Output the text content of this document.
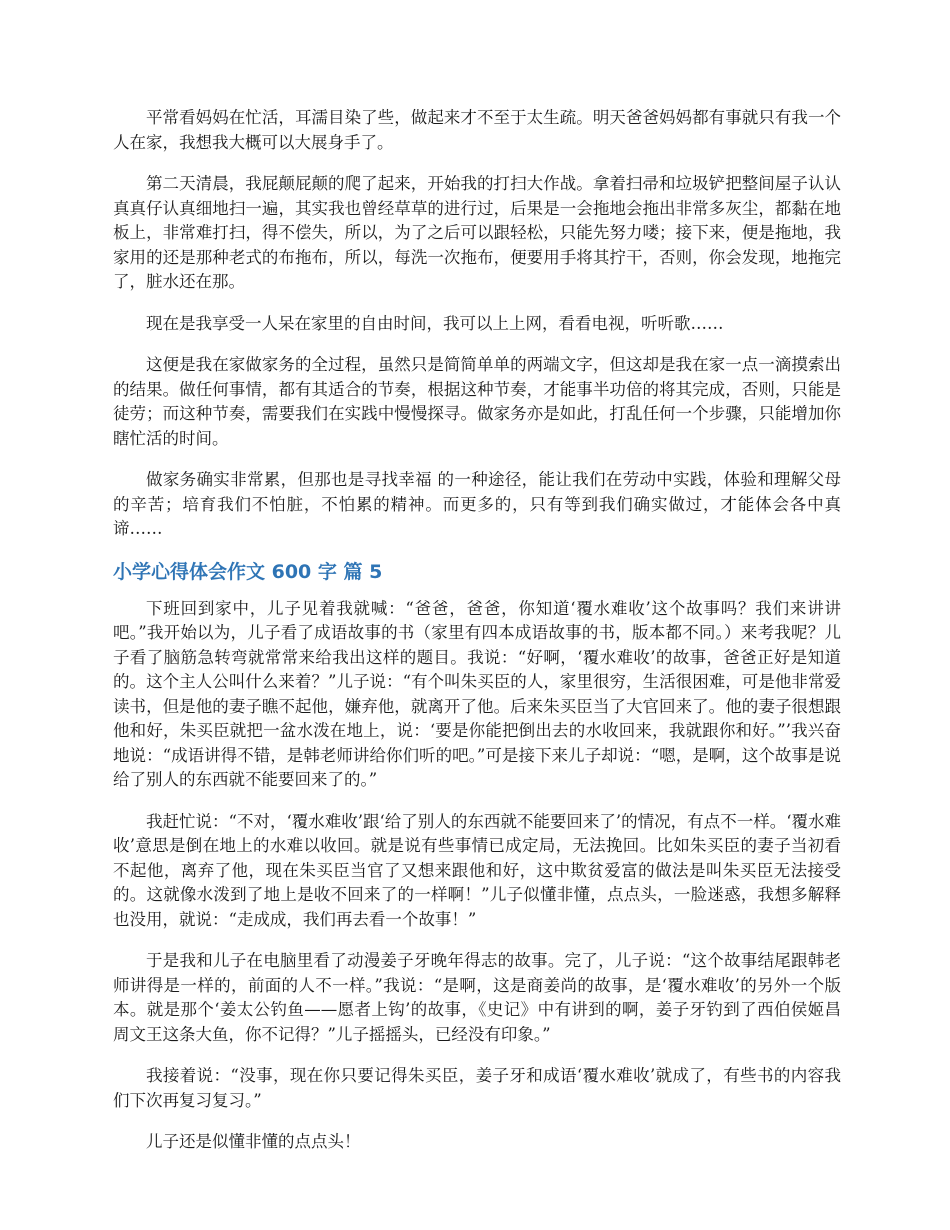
平常看妈妈在忙活，耳濡目染了些，做起来才不至于太生疏。明天爸爸妈妈都有事就只有我一个人在家，我想我大概可以大展身手了。

第二天清晨，我屁颠屁颠的爬了起来，开始我的打扫大作战。拿着扫帚和垃圾铲把整间屋子认认真真仔认真细地扫一遍，其实我也曾经草草的进行过，后果是一会拖地会拖出非常多灰尘，都黏在地板上，非常难打扫，得不偿失，所以，为了之后可以跟轻松，只能先努力喽；接下来，便是拖地，我家用的还是那种老式的布拖布，所以，每洗一次拖布，便要用手将其拧干，否则，你会发现，地拖完了，脏水还在那。

现在是我享受一人呆在家里的自由时间，我可以上上网，看看电视，听听歌……

这便是我在家做家务的全过程，虽然只是简简单单的两端文字，但这却是我在家一点一滴摸索出的结果。做任何事情，都有其适合的节奏，根据这种节奏，才能事半功倍的将其完成，否则，只能是徒劳；而这种节奏，需要我们在实践中慢慢探寻。做家务亦是如此，打乱任何一个步骤，只能增加你瞎忙活的时间。

做家务确实非常累，但那也是寻找幸福 的一种途径，能让我们在劳动中实践，体验和理解父母的辛苦；培育我们不怕脏，不怕累的精神。而更多的，只有等到我们确实做过，才能体会各中真谛……

小学心得体会作文 600 字 篇 5

下班回到家中，儿子见着我就喊：“爸爸，爸爸，你知道‘覆水难收’这个故事吗？我们来讲讲吧。”我开始以为，儿子看了成语故事的书（家里有四本成语故事的书，版本都不同。）来考我呢？儿子看了脑筋急转弯就常常来给我出这样的题目。我说：“好啊，‘覆水难收’的故事，爸爸正好是知道的。这个主人公叫什么来着？”儿子说：“有个叫朱买臣的人，家里很穷，生活很困难，可是他非常爱读书，但是他的妻子瞧不起他，嫌弃他，就离开了他。后来朱买臣当了大官回来了。他的妻子很想跟他和好，朱买臣就把一盆水泼在地上，说：‘要是你能把倒出去的水收回来，我就跟你和好。”’我兴奋地说：“成语讲得不错，是韩老师讲给你们听的吧。”可是接下来儿子却说：“嗯，是啊，这个故事是说给了别人的东西就不能要回来了的。”

我赶忙说：“不对，‘覆水难收’跟‘给了别人的东西就不能要回来了’的情况，有点不一样。‘覆水难收’意思是倒在地上的水难以收回。就是说有些事情已成定局，无法挽回。比如朱买臣的妻子当初看不起他，离弃了他，现在朱买臣当官了又想来跟他和好，这中欺贫爱富的做法是叫朱买臣无法接受的。这就像水泼到了地上是收不回来了的一样啊！”儿子似懂非懂，点点头，一脸迷惑，我想多解释也没用，就说：“走成成，我们再去看一个故事！”

于是我和儿子在电脑里看了动漫姜子牙晚年得志的故事。完了，儿子说：“这个故事结尾跟韩老师讲得是一样的，前面的人不一样。”我说：“是啊，这是商姜尚的故事，是‘覆水难收’的另外一个版本。就是那个‘姜太公钓鱼——愿者上钩’的故事，《史记》中有讲到的啊，姜子牙钓到了西伯侯姬昌周文王这条大鱼，你不记得？”儿子摇摇头，已经没有印象。”

我接着说：“没事，现在你只要记得朱买臣，姜子牙和成语‘覆水难收’就成了，有些书的内容我们下次再复习复习。”

儿子还是似懂非懂的点点头！
